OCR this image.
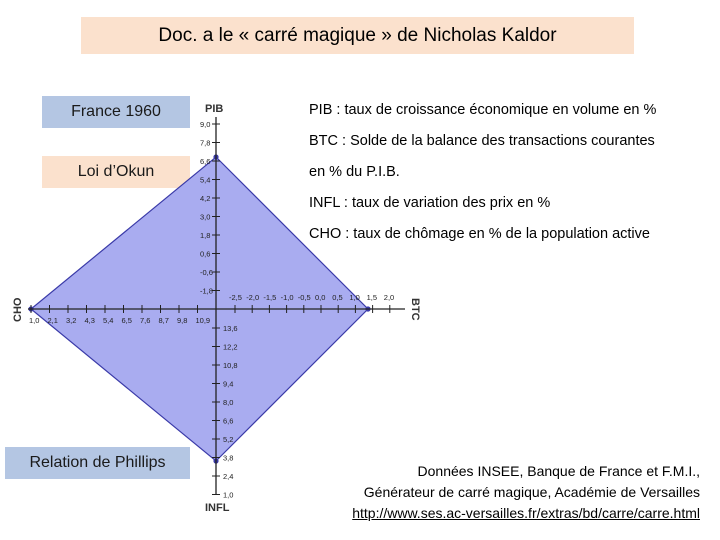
Doc. a le « carré magique » de Nicholas Kaldor
France 1960
Loi d’Okun
Relation de Phillips
9,0
7,8
6,6
5,4
4,2
3,0
1,8
0,6
-0,6
-1,8
13,6
12,2
10,8
9,4
8,0
6,6
5,2
3,8
2,4
1,0
1,0 2,1 3,2 4,3 5,4 6,5 7,6 8,7 9,8 10,9
-2,5 -2,0 -1,5 -1,0 -0,5 0,0 0,5 1,0 1,5 2,0
PIB
INFL
CHO	BTC
PIB : taux de croissance économique en volume en %
BTC : Solde de la balance des transactions courantes
en % du P.I.B.
INFL : taux de variation des prix en %
CHO : taux de chômage en % de la population active
Données INSEE, Banque de France et F.M.I.,
Générateur de carré magique, Académie de Versailles
http://www.ses.ac-versailles.fr/extras/bd/carre/carre.html
